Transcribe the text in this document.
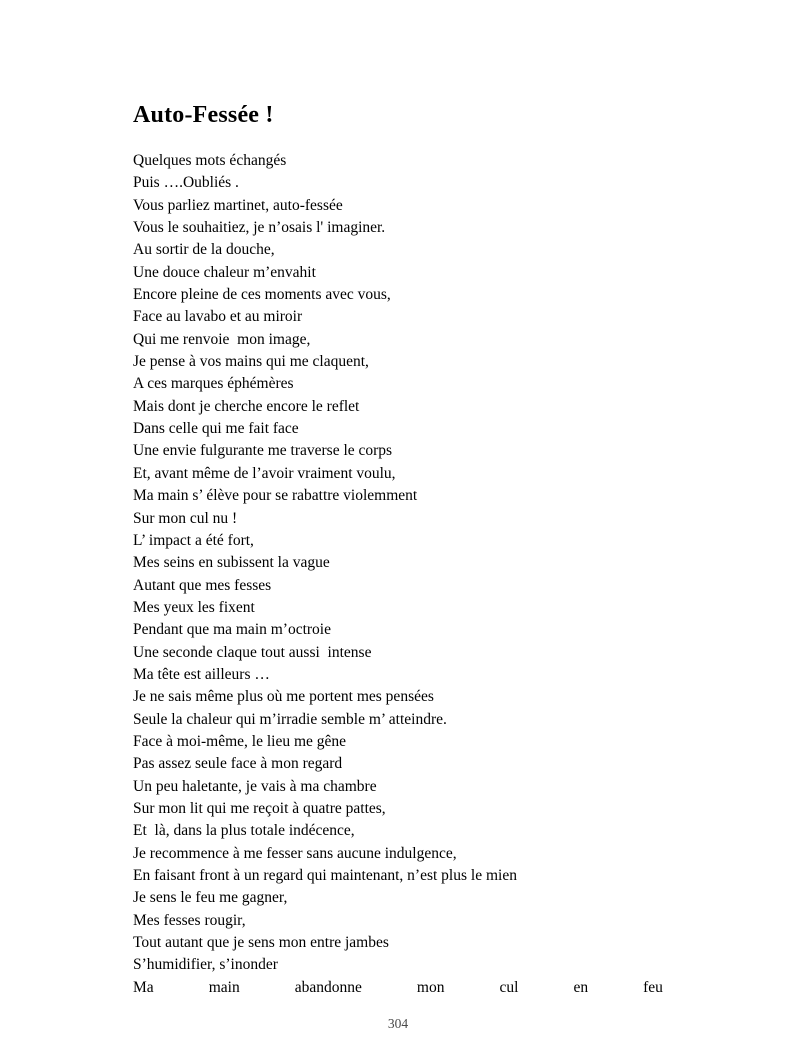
Auto-Fessée !
Quelques mots échangés
Puis ….Oubliés .
Vous parliez martinet, auto-fessée
Vous le souhaitiez, je n’osais l' imaginer.
Au sortir de la douche,
Une douce chaleur m’envahit
Encore pleine de ces moments avec vous,
Face au lavabo et au miroir
Qui me renvoie  mon image,
Je pense à vos mains qui me claquent,
A ces marques éphémères
Mais dont je cherche encore le reflet
Dans celle qui me fait face
Une envie fulgurante me traverse le corps
Et, avant même de l’avoir vraiment voulu,
Ma main s’ élève pour se rabattre violemment
Sur mon cul nu !
L’ impact a été fort,
Mes seins en subissent la vague
Autant que mes fesses
Mes yeux les fixent
Pendant que ma main m’octroie
Une seconde claque tout aussi  intense
Ma tête est ailleurs …
Je ne sais même plus où me portent mes pensées
Seule la chaleur qui m’irradie semble m’ atteindre.
Face à moi-même, le lieu me gêne
Pas assez seule face à mon regard
Un peu haletante, je vais à ma chambre
Sur mon lit qui me reçoit à quatre pattes,
Et  là, dans la plus totale indécence,
Je recommence à me fesser sans aucune indulgence,
En faisant front à un regard qui maintenant, n’est plus le mien
Je sens le feu me gagner,
Mes fesses rougir,
Tout autant que je sens mon entre jambes
S’humidifier, s’inonder
Ma	main	abandonne	mon	cul	en	feu
304
